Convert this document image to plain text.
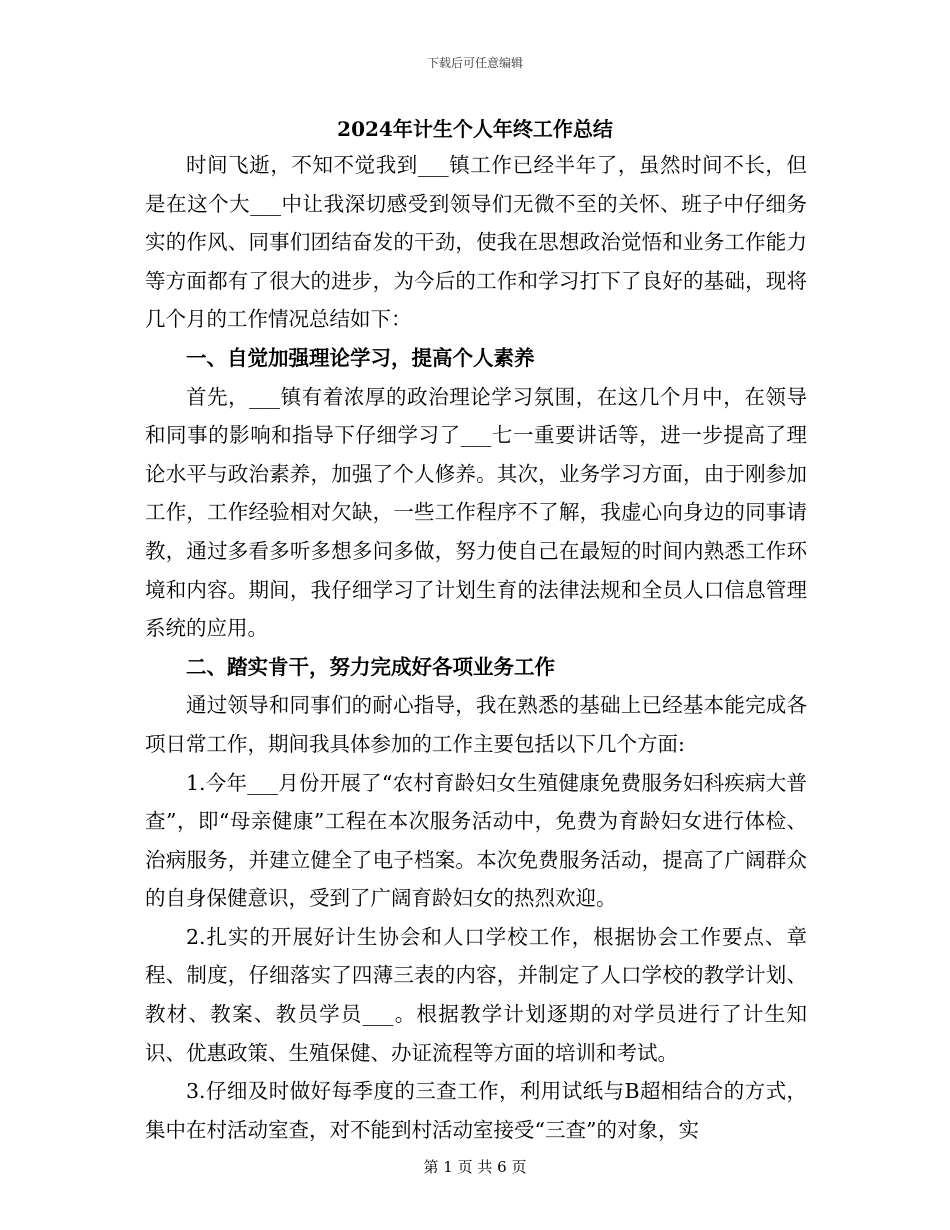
下载后可任意编辑
2024年计生个人年终工作总结

时间飞逝，不知不觉我到___镇工作已经半年了，虽然时间不长，但是在这个大___中让我深切感受到领导们无微不至的关怀、班子中仔细务实的作风、同事们团结奋发的干劲，使我在思想政治觉悟和业务工作能力等方面都有了很大的进步，为今后的工作和学习打下了良好的基础，现将几个月的工作情况总结如下：

一、自觉加强理论学习，提高个人素养

首先，___镇有着浓厚的政治理论学习氛围，在这几个月中，在领导和同事的影响和指导下仔细学习了___七一重要讲话等，进一步提高了理论水平与政治素养，加强了个人修养。其次，业务学习方面，由于刚参加工作，工作经验相对欠缺，一些工作程序不了解，我虚心向身边的同事请教，通过多看多听多想多问多做，努力使自己在最短的时间内熟悉工作环境和内容。期间，我仔细学习了计划生育的法律法规和全员人口信息管理系统的应用。

二、踏实肯干，努力完成好各项业务工作

通过领导和同事们的耐心指导，我在熟悉的基础上已经基本能完成各项日常工作，期间我具体参加的工作主要包括以下几个方面:

1.今年___月份开展了“农村育龄妇女生殖健康免费服务妇科疾病大普查”，即“母亲健康”工程在本次服务活动中，免费为育龄妇女进行体检、治病服务，并建立健全了电子档案。本次免费服务活动，提高了广阔群众的自身保健意识，受到了广阔育龄妇女的热烈欢迎。

2.扎实的开展好计生协会和人口学校工作，根据协会工作要点、章程、制度，仔细落实了四薄三表的内容，并制定了人口学校的教学计划、教材、教案、教员学员___。根据教学计划逐期的对学员进行了计生知识、优惠政策、生殖保健、办证流程等方面的培训和考试。

3.仔细及时做好每季度的三查工作，利用试纸与B超相结合的方式，集中在村活动室查，对不能到村活动室接受“三查”的对象，实

第 1 页 共 6 页
